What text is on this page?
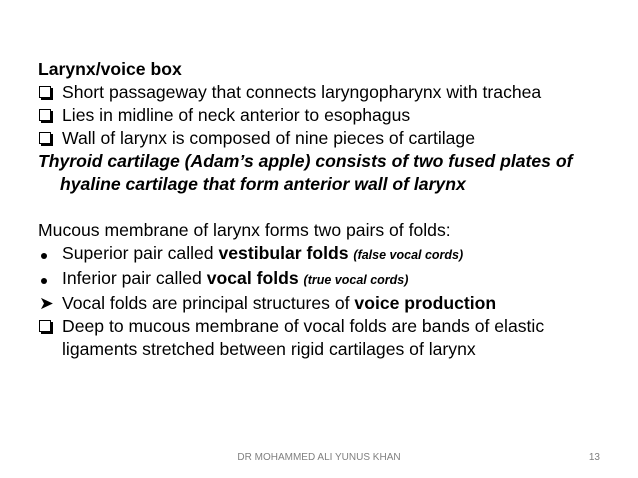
Larynx/voice box
Short passageway that connects laryngopharynx with trachea
Lies in midline of neck anterior to esophagus
Wall of larynx is composed of nine pieces of cartilage
Thyroid cartilage (Adam’s apple) consists of two fused plates of hyaline cartilage that form anterior wall of larynx
Mucous membrane of larynx forms two pairs of folds:
Superior pair called vestibular folds (false vocal cords)
Inferior pair called vocal folds (true vocal cords)
➤ Vocal folds are principal structures of voice production
Deep to mucous membrane of vocal folds are bands of elastic ligaments stretched between rigid cartilages of larynx
DR MOHAMMED ALI YUNUS KHAN	13
